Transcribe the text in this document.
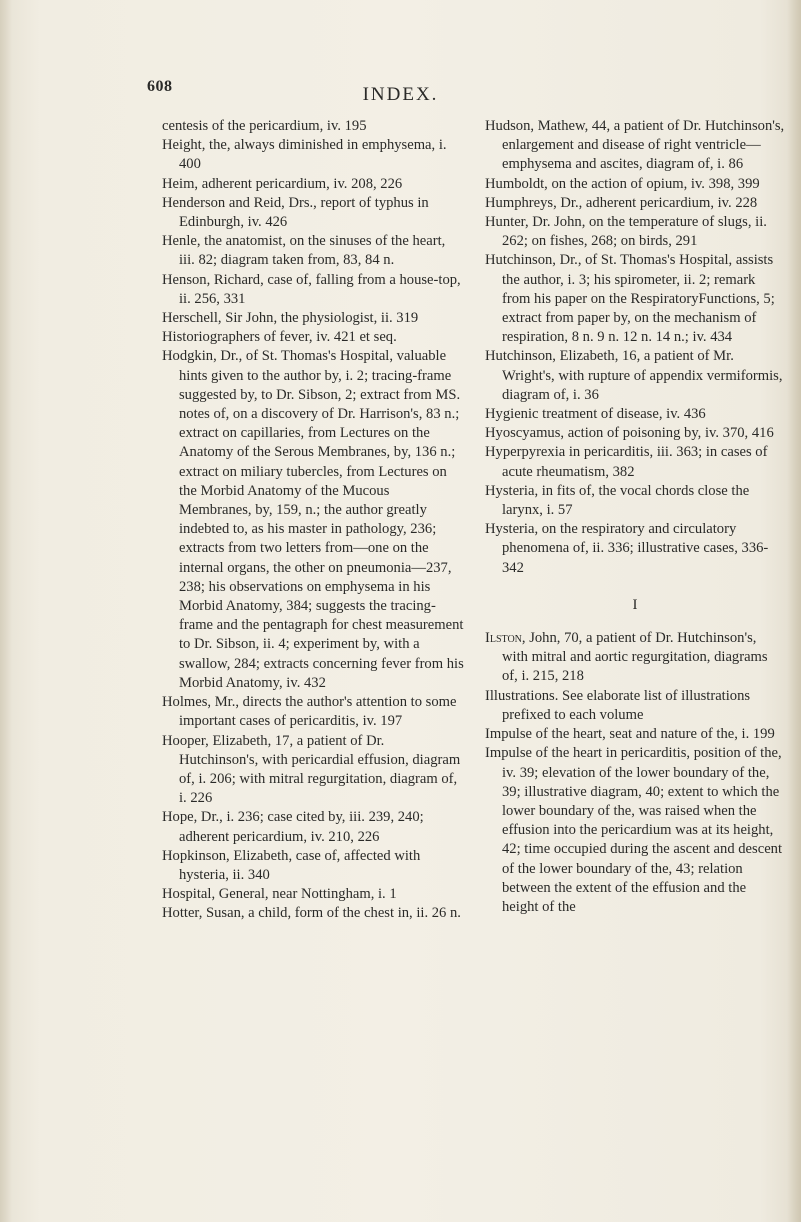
608	INDEX.

centesis of the pericardium, iv. 195

Height, the, always diminished in emphysema, i. 400

Heim, adherent pericardium, iv. 208, 226

Henderson and Reid, Drs., report of typhus in Edinburgh, iv. 426

Henle, the anatomist, on the sinuses of the heart, iii. 82; diagram taken from, 83, 84 n.

Henson, Richard, case of, falling from a house-top, ii. 256, 331

Herschell, Sir John, the physiologist, ii. 319

Historiographers of fever, iv. 421 et seq.

Hodgkin, Dr., of St. Thomas's Hospital, valuable hints given to the author by, i. 2; tracing-frame suggested by, to Dr. Sibson, 2; extract from MS. notes of, on a discovery of Dr. Harrison's, 83 n.; extract on capillaries, from Lectures on the Anatomy of the Serous Membranes, by, 136 n.; extract on miliary tubercles, from Lectures on the Morbid Anatomy of the Mucous Membranes, by, 159, n.; the author greatly indebted to, as his master in pathology, 236; extracts from two letters from—one on the internal organs, the other on pneumonia—237, 238; his observations on emphysema in his Morbid Anatomy, 384; suggests the tracing-frame and the pentagraph for chest measurement to Dr. Sibson, ii. 4; experiment by, with a swallow, 284; extracts concerning fever from his Morbid Anatomy, iv. 432

Holmes, Mr., directs the author's attention to some important cases of pericarditis, iv. 197

Hooper, Elizabeth, 17, a patient of Dr. Hutchinson's, with pericardial effusion, diagram of, i. 206; with mitral regurgitation, diagram of, i. 226

Hope, Dr., i. 236; case cited by, iii. 239, 240; adherent pericardium, iv. 210, 226

Hopkinson, Elizabeth, case of, affected with hysteria, ii. 340

Hospital, General, near Nottingham, i. 1

Hotter, Susan, a child, form of the chest in, ii. 26 n.

Hudson, Mathew, 44, a patient of Dr. Hutchinson's, enlargement and disease of right ventricle—emphysema and ascites, diagram of, i. 86

Humboldt, on the action of opium, iv. 398, 399

Humphreys, Dr., adherent pericardium, iv. 228

Hunter, Dr. John, on the temperature of slugs, ii. 262; on fishes, 268; on birds, 291

Hutchinson, Dr., of St. Thomas's Hospital, assists the author, i. 3; his spirometer, ii. 2; remark from his paper on the RespiratoryFunctions, 5; extract from paper by, on the mechanism of respiration, 8 n. 9 n. 12 n. 14 n.; iv. 434

Hutchinson, Elizabeth, 16, a patient of Mr. Wright's, with rupture of appendix vermiformis, diagram of, i. 36

Hygienic treatment of disease, iv. 436

Hyoscyamus, action of poisoning by, iv. 370, 416

Hyperpyrexia in pericarditis, iii. 363; in cases of acute rheumatism, 382

Hysteria, in fits of, the vocal chords close the larynx, i. 57

Hysteria, on the respiratory and circulatory phenomena of, ii. 336; illustrative cases, 336-342

I

Ilston, John, 70, a patient of Dr. Hutchinson's, with mitral and aortic regurgitation, diagrams of, i. 215, 218

Illustrations. See elaborate list of illustrations prefixed to each volume

Impulse of the heart, seat and nature of the, i. 199

Impulse of the heart in pericarditis, position of the, iv. 39; elevation of the lower boundary of the, 39; illustrative diagram, 40; extent to which the lower boundary of the, was raised when the effusion into the pericardium was at its height, 42; time occupied during the ascent and descent of the lower boundary of the, 43; relation between the extent of the effusion and the height of the
